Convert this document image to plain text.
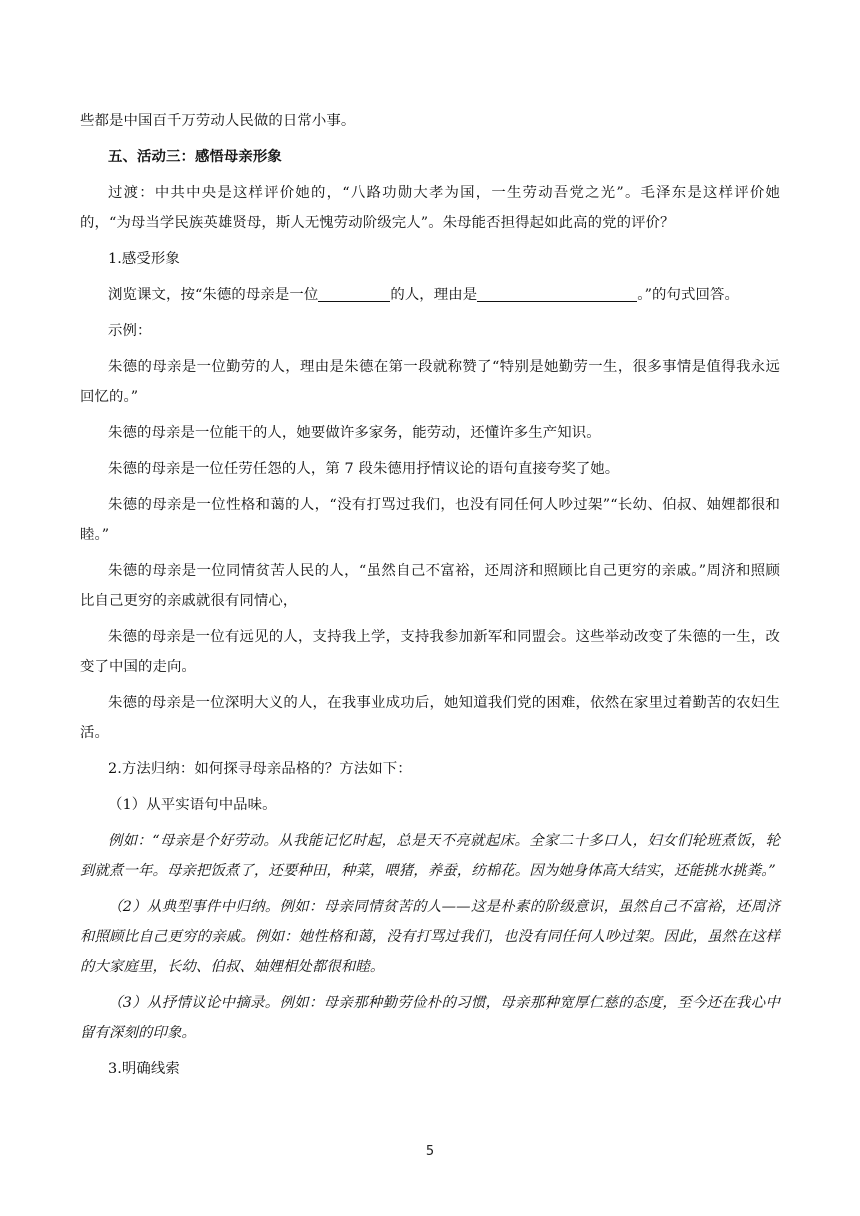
些都是中国百千万劳动人民做的日常小事。

五、活动三：感悟母亲形象

过渡：中共中央是这样评价她的，“八路功勋大孝为国，一生劳动吾党之光”。毛泽东是这样评价她的，“为母当学民族英雄贤母，斯人无愧劳动阶级完人”。朱母能否担得起如此高的党的评价？

1.感受形象

浏览课文，按“朱德的母亲是一位	的人，理由是	。”的句式回答。

示例：

朱德的母亲是一位勤劳的人，理由是朱德在第一段就称赞了“特别是她勤劳一生，很多事情是值得我永远回忆的。”

朱德的母亲是一位能干的人，她要做许多家务，能劳动，还懂许多生产知识。

朱德的母亲是一位任劳任怨的人，第 7 段朱德用抒情议论的语句直接夸奖了她。

朱德的母亲是一位性格和蔼的人，“没有打骂过我们，也没有同任何人吵过架”“长幼、伯叔、妯娌都很和睦。”

朱德的母亲是一位同情贫苦人民的人，“虽然自己不富裕，还周济和照顾比自己更穷的亲戚。”周济和照顾比自己更穷的亲戚就很有同情心，

朱德的母亲是一位有远见的人，支持我上学，支持我参加新军和同盟会。这些举动改变了朱德的一生，改变了中国的走向。

朱德的母亲是一位深明大义的人，在我事业成功后，她知道我们党的困难，依然在家里过着勤苦的农妇生活。

2.方法归纳：如何探寻母亲品格的？方法如下：

（1）从平实语句中品味。

例如：“母亲是个好劳动。从我能记忆时起，总是天不亮就起床。全家二十多口人，妇女们轮班煮饭，轮到就煮一年。母亲把饭煮了，还要种田，种菜，喂猪，养蚕，纺棉花。因为她身体高大结实，还能挑水挑粪。”

（2）从典型事件中归纳。例如：母亲同情贫苦的人——这是朴素的阶级意识，虽然自己不富裕，还周济和照顾比自己更穷的亲戚。例如：她性格和蔼，没有打骂过我们，也没有同任何人吵过架。因此，虽然在这样的大家庭里，长幼、伯叔、妯娌相处都很和睦。

（3）从抒情议论中摘录。例如：母亲那种勤劳俭朴的习惯，母亲那种宽厚仁慈的态度，至今还在我心中留有深刻的印象。

3.明确线索

5
